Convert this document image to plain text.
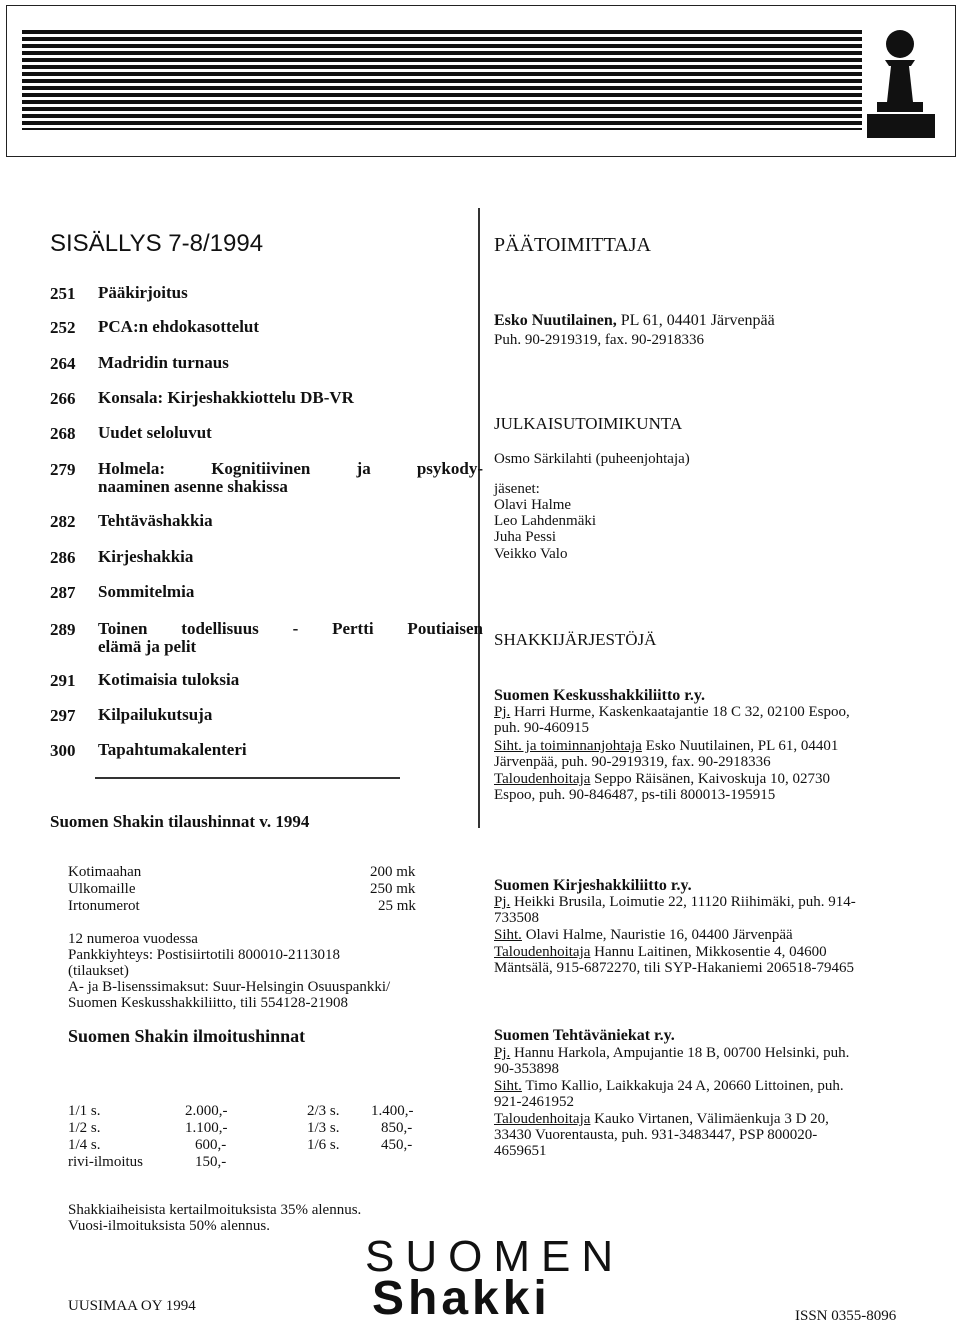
SISÄLLYS 7-8/1994
251 Pääkirjoitus
252 PCA:n ehdokasottelut
264 Madridin turnaus
266 Konsala: Kirjeshakkiottelu DB-VR
268 Uudet seloluvut
279 Holmela: Kognitiivinen ja psykody-
naaminen asenne shakissa
282 Tehtäväshakkia
286 Kirjeshakkia
287 Sommitelmia
289 Toinen todellisuus - Pertti Poutiaisen
elämä ja pelit
291 Kotimaisia tuloksia
297 Kilpailukutsuja
300 Tapahtumakalenteri
Suomen Shakin tilaushinnat v. 1994
Kotimaahan	200 mk
Ulkomaille	250 mk
Irtonumerot	25 mk
12 numeroa vuodessa
Pankkiyhteys: Postisiirtotili 800010-2113018
(tilaukset)
A- ja B-lisenssimaksut: Suur-Helsingin Osuuspankki/
Suomen Keskusshakkiliitto, tili 554128-21908
Suomen Shakin ilmoitushinnat
1/1 s.	2.000,-
1/2 s.	1.100,-
1/4 s.	600,-
rivi-ilmoitus	150,-
2/3 s. 1.400,-
1/3 s.	850,-
1/6 s.	450,-
Shakkiaiheisista kertailmoituksista 35% alennus.
Vuosi-ilmoituksista 50% alennus.
UUSIMAA OY 1994
SUOMEN
Shakki	ISSN 0355-8096
PÄÄTOIMITTAJA
Esko Nuutilainen, PL 61, 04401 Järvenpää
Puh. 90-2919319, fax. 90-2918336
JULKAISUTOIMIKUNTA
Osmo Särkilahti (puheenjohtaja)
jäsenet:
Olavi Halme
Leo Lahdenmäki
Juha Pessi
Veikko Valo
SHAKKIJÄRJESTÖJÄ
Suomen Keskusshakkiliitto r.y.
Pj. Harri Hurme, Kaskenkaatajantie 18 C 32, 02100 Espoo,
puh. 90-460915
Siht. ja toiminnanjohtaja Esko Nuutilainen, PL 61, 04401
Järvenpää, puh. 90-2919319, fax. 90-2918336
Taloudenhoitaja Seppo Räisänen, Kaivoskuja 10, 02730
Espoo, puh. 90-846487, ps-tili 800013-195915
Suomen Kirjeshakkiliitto r.y.
Pj. Heikki Brusila, Loimutie 22, 11120 Riihimäki, puh. 914-
733508
Siht. Olavi Halme, Nauristie 16, 04400 Järvenpää
Taloudenhoitaja Hannu Laitinen, Mikkosentie 4, 04600
Mäntsälä, 915-6872270, tili SYP-Hakaniemi 206518-79465
Suomen Tehtäväniekat r.y.
Pj. Hannu Harkola, Ampujantie 18 B, 00700 Helsinki, puh.
90-353898
Siht. Timo Kallio, Laikkakuja 24 A, 20660 Littoinen, puh.
921-2461952
Taloudenhoitaja Kauko Virtanen, Välimäenkuja 3 D 20,
33430 Vuorentausta, puh. 931-3483447, PSP 800020-
4659651
